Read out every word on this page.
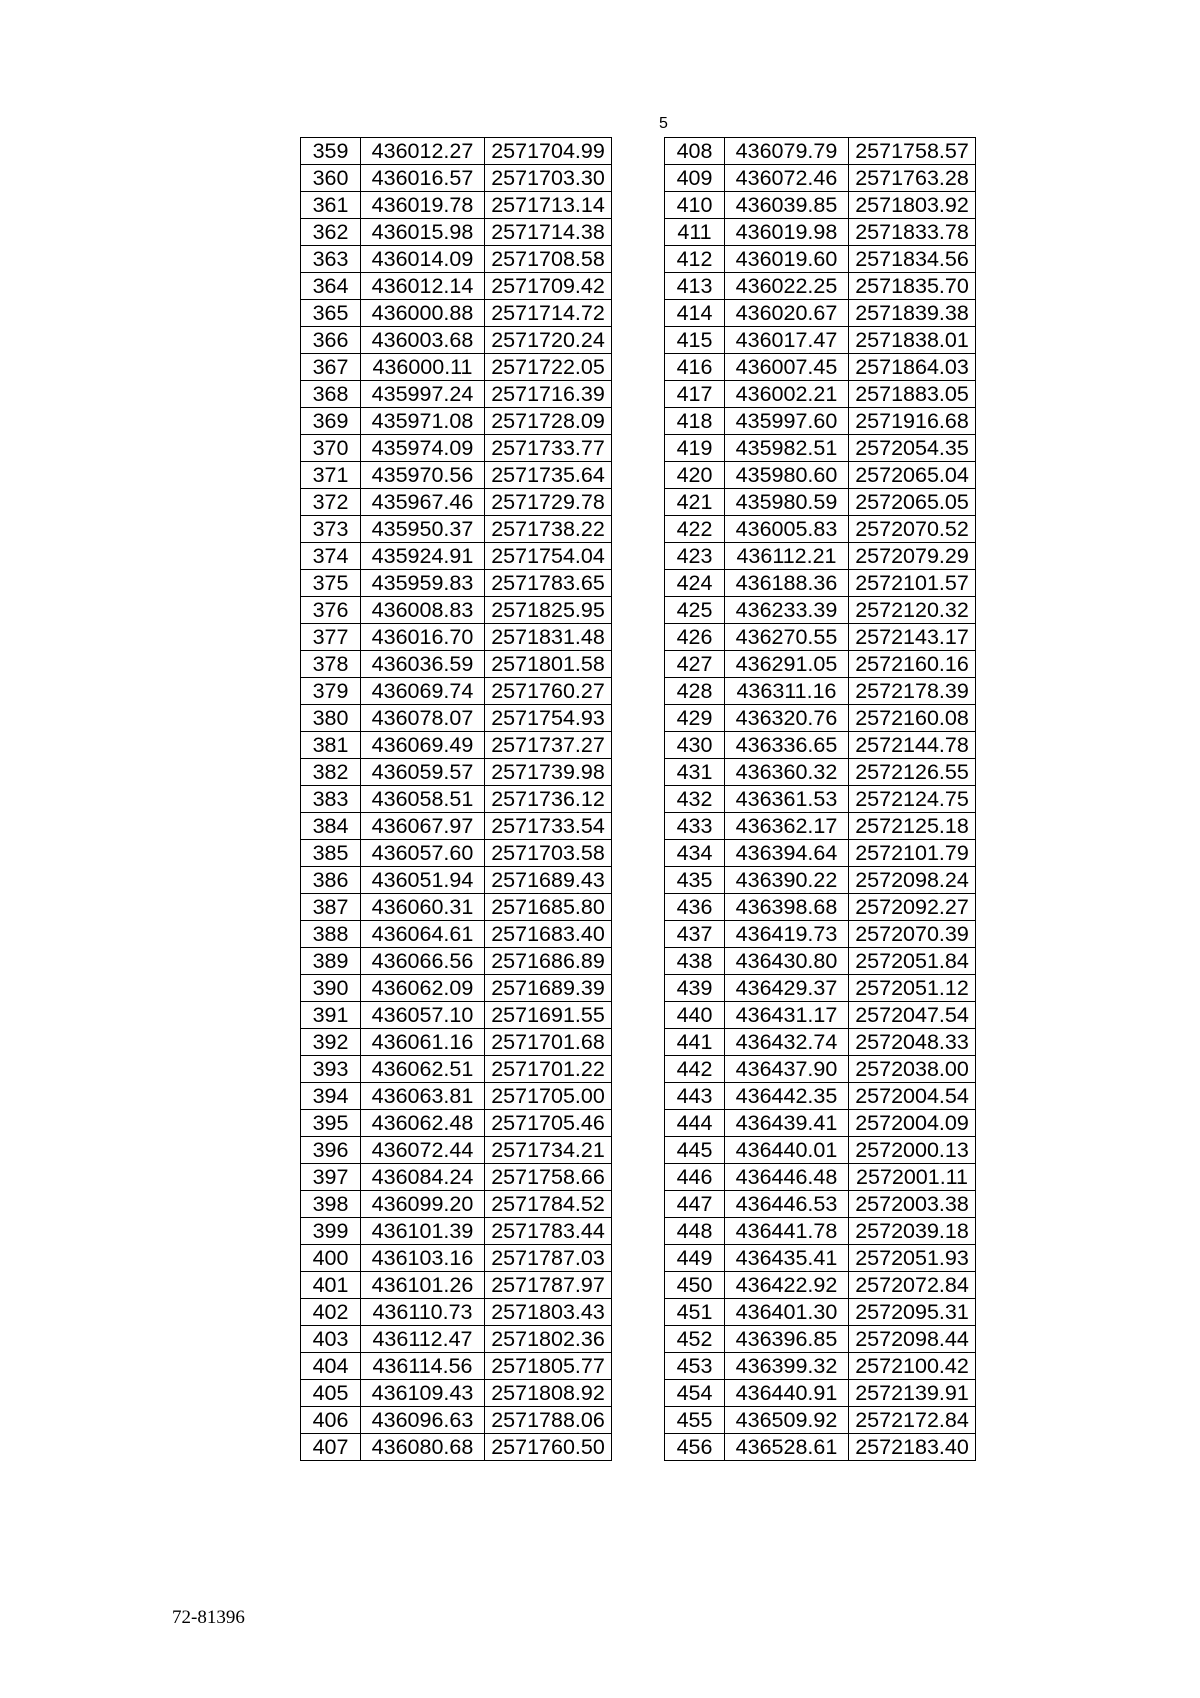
5
359	436012.27	2571704.99
360	436016.57	2571703.30
361	436019.78	2571713.14
362	436015.98	2571714.38
363	436014.09	2571708.58
364	436012.14	2571709.42
365	436000.88	2571714.72
366	436003.68	2571720.24
367	436000.11	2571722.05
368	435997.24	2571716.39
369	435971.08	2571728.09
370	435974.09	2571733.77
371	435970.56	2571735.64
372	435967.46	2571729.78
373	435950.37	2571738.22
374	435924.91	2571754.04
375	435959.83	2571783.65
376	436008.83	2571825.95
377	436016.70	2571831.48
378	436036.59	2571801.58
379	436069.74	2571760.27
380	436078.07	2571754.93
381	436069.49	2571737.27
382	436059.57	2571739.98
383	436058.51	2571736.12
384	436067.97	2571733.54
385	436057.60	2571703.58
386	436051.94	2571689.43
387	436060.31	2571685.80
388	436064.61	2571683.40
389	436066.56	2571686.89
390	436062.09	2571689.39
391	436057.10	2571691.55
392	436061.16	2571701.68
393	436062.51	2571701.22
394	436063.81	2571705.00
395	436062.48	2571705.46
396	436072.44	2571734.21
397	436084.24	2571758.66
398	436099.20	2571784.52
399	436101.39	2571783.44
400	436103.16	2571787.03
401	436101.26	2571787.97
402	436110.73	2571803.43
403	436112.47	2571802.36
404	436114.56	2571805.77
405	436109.43	2571808.92
406	436096.63	2571788.06
407	436080.68	2571760.50
408	436079.79	2571758.57
409	436072.46	2571763.28
410	436039.85	2571803.92
411	436019.98	2571833.78
412	436019.60	2571834.56
413	436022.25	2571835.70
414	436020.67	2571839.38
415	436017.47	2571838.01
416	436007.45	2571864.03
417	436002.21	2571883.05
418	435997.60	2571916.68
419	435982.51	2572054.35
420	435980.60	2572065.04
421	435980.59	2572065.05
422	436005.83	2572070.52
423	436112.21	2572079.29
424	436188.36	2572101.57
425	436233.39	2572120.32
426	436270.55	2572143.17
427	436291.05	2572160.16
428	436311.16	2572178.39
429	436320.76	2572160.08
430	436336.65	2572144.78
431	436360.32	2572126.55
432	436361.53	2572124.75
433	436362.17	2572125.18
434	436394.64	2572101.79
435	436390.22	2572098.24
436	436398.68	2572092.27
437	436419.73	2572070.39
438	436430.80	2572051.84
439	436429.37	2572051.12
440	436431.17	2572047.54
441	436432.74	2572048.33
442	436437.90	2572038.00
443	436442.35	2572004.54
444	436439.41	2572004.09
445	436440.01	2572000.13
446	436446.48	2572001.11
447	436446.53	2572003.38
448	436441.78	2572039.18
449	436435.41	2572051.93
450	436422.92	2572072.84
451	436401.30	2572095.31
452	436396.85	2572098.44
453	436399.32	2572100.42
454	436440.91	2572139.91
455	436509.92	2572172.84
456	436528.61	2572183.40
72-81396
